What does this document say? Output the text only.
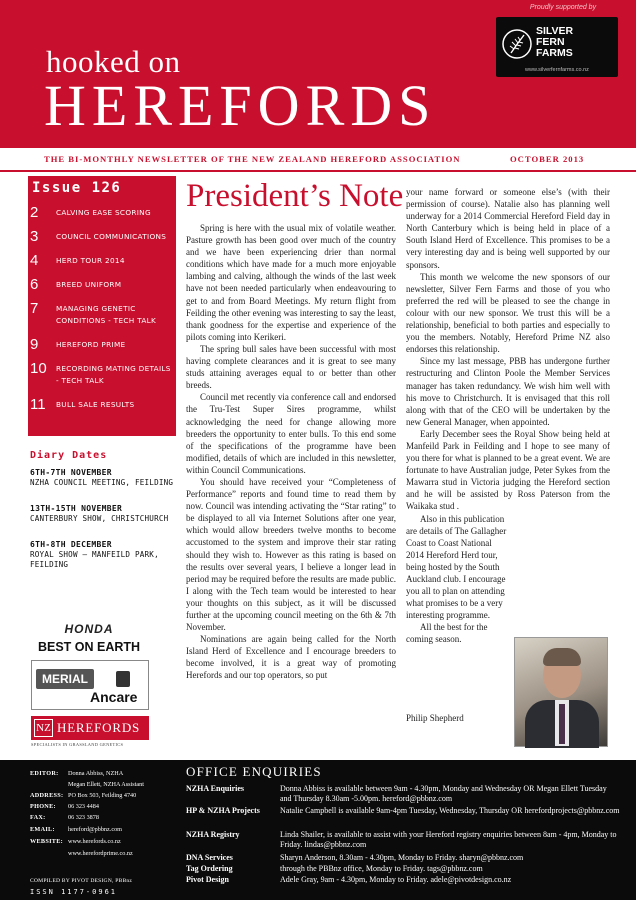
hooked on
HEREFORDS
Proudly supported by
SILVER
FERN
FARMS
www.silverfernfarms.co.nz
THE BI-MONTHLY NEWSLETTER OF THE NEW ZEALAND HEREFORD ASSOCIATION	OCTOBER 2013
Issue 126
2 CALVING EASE SCORING
3 COUNCIL COMMUNICATIONS
4 HERD TOUR 2014
6 BREED UNIFORM
7 MANAGING GENETIC CONDITIONS - TECH TALK
9 HEREFORD PRIME
10 RECORDING MATING DETAILS - TECH TALK
11 BULL SALE RESULTS
Diary Dates
6TH-7TH NOVEMBER
NZHA COUNCIL MEETING, FEILDING
13TH-15TH NOVEMBER
CANTERBURY SHOW, CHRISTCHURCH
6TH-8TH DECEMBER
ROYAL SHOW – MANFEILD PARK, FEILDING
HONDA
BEST ON EARTH
MERIAL
Ancare
NZ HEREFORDS
SPECIALISTS IN GRASSLAND GENETICS
President’s Note

Spring is here with the usual mix of volatile weather. Pasture growth has been good over much of the country and we have been experiencing drier than normal conditions which have made for a much more enjoyable lambing and calving, although the winds of the last week have not been needed particularly when endeavouring to get to and from Board Meetings. My return flight from Feilding the other evening was interesting to say the least, thank goodness for the expertise and experience of the pilots coming into Kerikeri.

The spring bull sales have been successful with most having complete clearances and it is great to see many studs attaining averages equal to or better than other breeds.

Council met recently via conference call and endorsed the Tru-Test Super Sires programme, whilst acknowledging the need for change allowing more breeders the opportunity to enter bulls. To this end some of the specifications of the programme have been modified, details of which are included in this newsletter, within Council Communications.

You should have received your “Completeness of Performance” reports and found time to read them by now. Council was intending activating the “Star rating” to be displayed to all via Internet Solutions after one year, which would allow breeders twelve months to become accustomed to the system and improve their star rating should they wish to. However as this rating is based on the results over several years, I believe a longer lead in period may be required before the results are made public. I along with the Tech team would be interested to hear your thoughts on this subject, as it will be discussed further at the upcoming council meeting on the 6th & 7th November.

Nominations are again being called for the North Island Herd of Excellence and I encourage breeders to become involved, it is a great way of promoting Herefords and our top operators, so put

your name forward or someone else’s (with their permission of course). Natalie also has planning well underway for a 2014 Commercial Hereford Field day in North Canterbury which is being held in place of a South Island Herd of Excellence. This promises to be a very interesting day and is being well supported by our sponsors.

This month we welcome the new sponsors of our newsletter, Silver Fern Farms and those of you who preferred the red will be pleased to see the change in colour with our new sponsor. We trust this will be a relationship, beneficial to both parties and especially to you the members. Notably, Hereford Prime NZ also endorses this relationship.

Since my last message, PBB has undergone further restructuring and Clinton Poole the Member Services manager has taken redundancy. We wish him well with his move to Christchurch. It is envisaged that this roll along with that of the CEO will be undertaken by the new General Manager, when appointed.

Early December sees the Royal Show being held at Manfeild Park in Feilding and I hope to see many of you there for what is planned to be a great event. We are fortunate to have Australian judge, Peter Sykes from the Mawarra stud in Victoria judging the Hereford section and he will be assisted by Ross Paterson from the Waikaka stud .

Also in this publication are details of The Gallagher Coast to Coast National 2014 Hereford Herd tour, being hosted by the South Auckland club. I encourage you all to plan on attending what promises to be a very interesting programme.

All the best for the coming season.

Philip Shepherd
EDITOR: Donna Abbiss, NZHA
Megan Ellett, NZHA Assistant
ADDRESS: PO Box 503, Feilding 4740
PHONE: 06 323 4484
FAX:	06 323 3878
EMAIL: hereford@pbbnz.com
WEBSITE: www.herefords.co.nz
www.herefordprime.co.nz
COMPILED BY PIVOT DESIGN, PBBnz
ISSN 1177-0961
OFFICE ENQUIRIES
NZHA Enquiries	Donna Abbiss is available between 9am - 4.30pm, Monday and Wednesday OR Megan Ellett Tuesday and Thursday 8.30am -5.00pm. hereford@pbbnz.com
HP & NZHA Projects	Natalie Campbell is available 9am-4pm Tuesday, Wednesday, Thursday OR herefordprojects@pbbnz.com
NZHA Registry	Linda Shailer, is available to assist with your Hereford registry enquiries between 8am - 4pm, Monday to Friday. lindas@pbbnz.com
DNA Services	Sharyn Anderson, 8.30am - 4.30pm, Monday to Friday. sharyn@pbbnz.com
Tag Ordering	through the PBBnz office, Monday to Friday. tags@pbbnz.com
Pivot Design	Adele Gray, 9am - 4.30pm, Monday to Friday. adele@pivotdesign.co.nz
